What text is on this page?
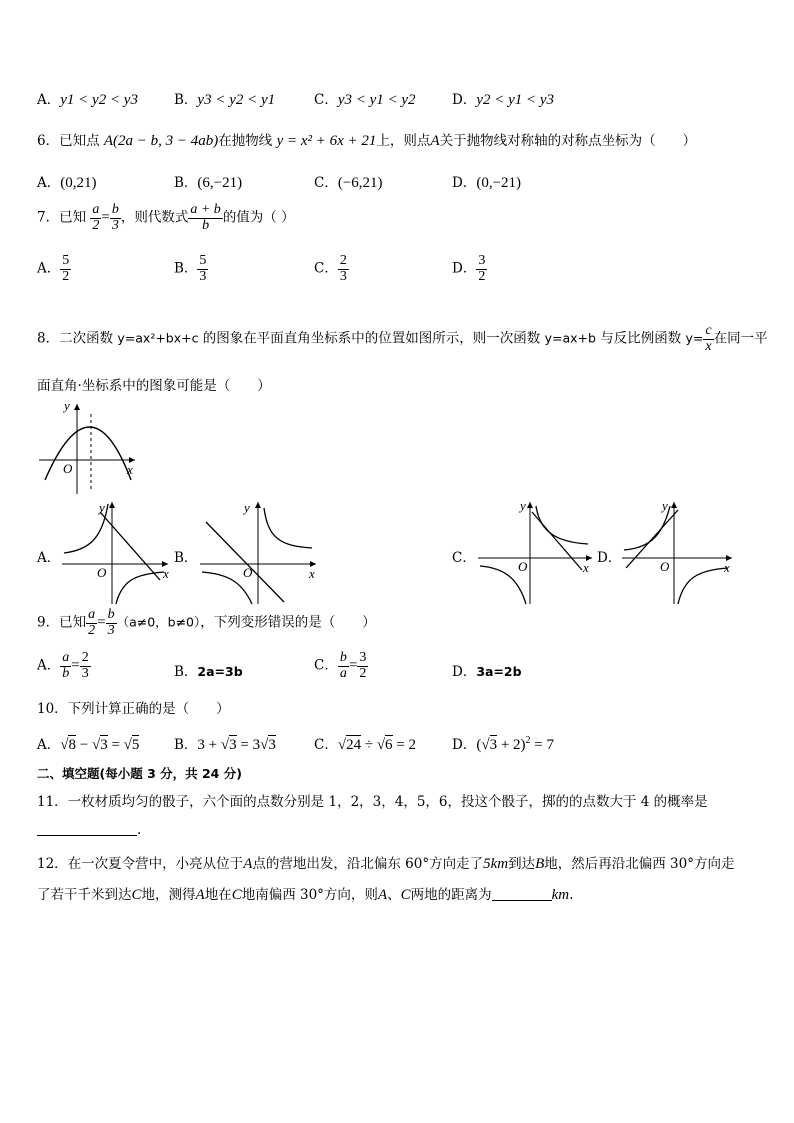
A．y1 < y2 < y3	B．y3 < y2 < y1	C．y3 < y1 < y2	D．y2 < y1 < y3
6．已知点 A(2a − b, 3 − 4ab)在抛物线 y = x² + 6x + 21上，则点A关于抛物线对称轴的对称点坐标为（　　）
A．(0,21)	B．(6,−21)	C．(−6,21)	D．(0,−21)
7．已知 $\frac{a}{2} = \frac{b}{3}$ ，则代数式 $\frac{a + b}{b}$ 的值为（ ）
A． $\frac{5}{2}$	B． $\frac{5}{3}$	C． $\frac{2}{3}$	D． $\frac{3}{2}$
8．二次函数 y=ax²+bx+c 的图象在平面直角坐标系中的位置如图所示，则一次函数 y=ax+b 与反比例函数 $y= \frac{c}{x}$ 在同一平
面直角·坐标系中的图象可能是（　　）
y
x
O
A．
y
x
O
B．
y
x
O
C．
y
x
O
D．
y
x
O
9．已知 $\frac{a}{2} = \frac{b}{3} (a\ne 0$，b≠0），下列变形错误的是（　　）
A． $\frac{a}{b} = \frac{2}{3}$	B．2a=3b	C． $\frac{b}{a} = \frac{3}{2}$	D．3a=2b
10．下列计算正确的是（　　）
A．√8 − √3 = √5	B．3 + √3 = 3√3	C．√24 ÷ √6 = 2	D．$(√3 + 2)^2 = 7$
二、填空题(每小题 3 分，共 24 分)
11．一枚材质均匀的骰子，六个面的点数分别是 1，2，3，4，5，6，投这个骰子，掷的的点数大于 4 的概率是
.
12．在一次夏令营中，小亮从位于A点的营地出发，沿北偏东 60°方向走了5km到达B地，然后再沿北偏西 30°方向走
了若干千米到达C地，测得A地在C地南偏西 30°方向，则A、C两地的距离为	km.
